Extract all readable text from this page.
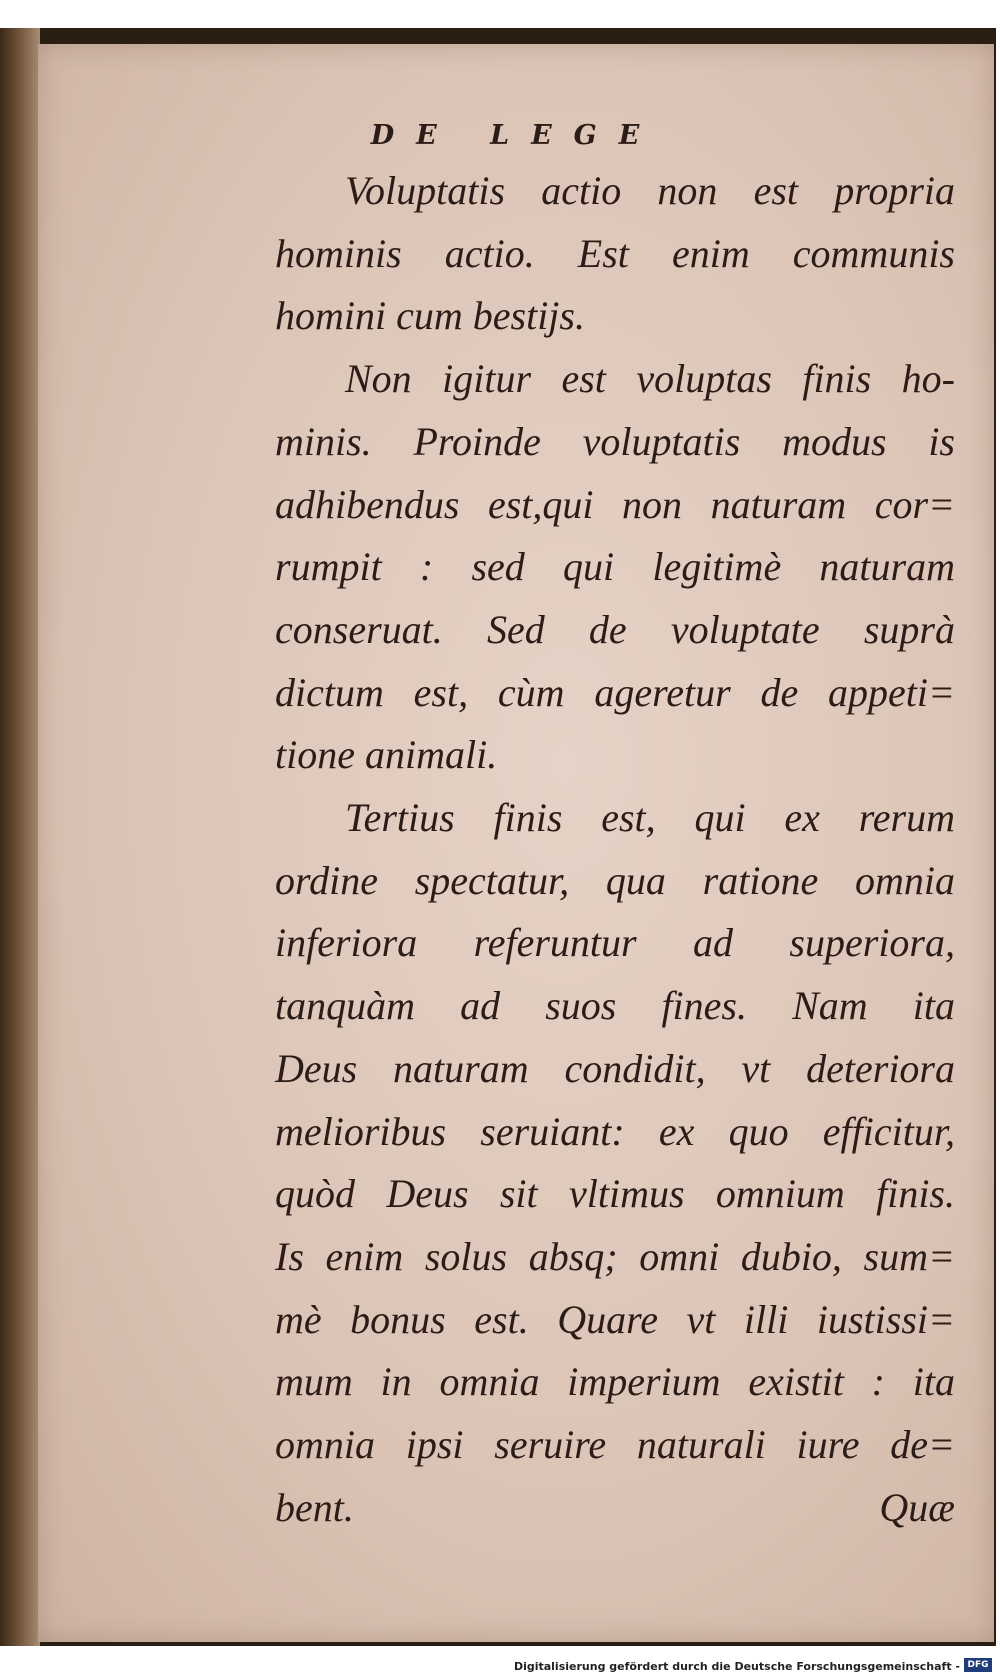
DE LEGE
Voluptatis actio non est propria
hominis actio. Est enim communis
homini cum bestijs.
Non igitur est voluptas finis ho-
minis. Proinde voluptatis modus is
adhibendus est,qui non naturam cor=
rumpit : sed qui legitimè naturam
conseruat. Sed de voluptate suprà
dictum est, cùm ageretur de appeti=
tione animali.
Tertius finis est, qui ex rerum
ordine spectatur, qua ratione omnia
inferiora referuntur ad superiora,
tanquàm ad suos fines. Nam ita
Deus naturam condidit, vt deteriora
melioribus seruiant: ex quo efficitur,
quòd Deus sit vltimus omnium finis.
Is enim solus absq; omni dubio, sum=
mè bonus est. Quare vt illi iustissi=
mum in omnia imperium existit : ita
omnia ipsi seruire naturali iure de=
bent.	Quæ
Digitalisierung gefördert durch die Deutsche Forschungsgemeinschaft - DFG
